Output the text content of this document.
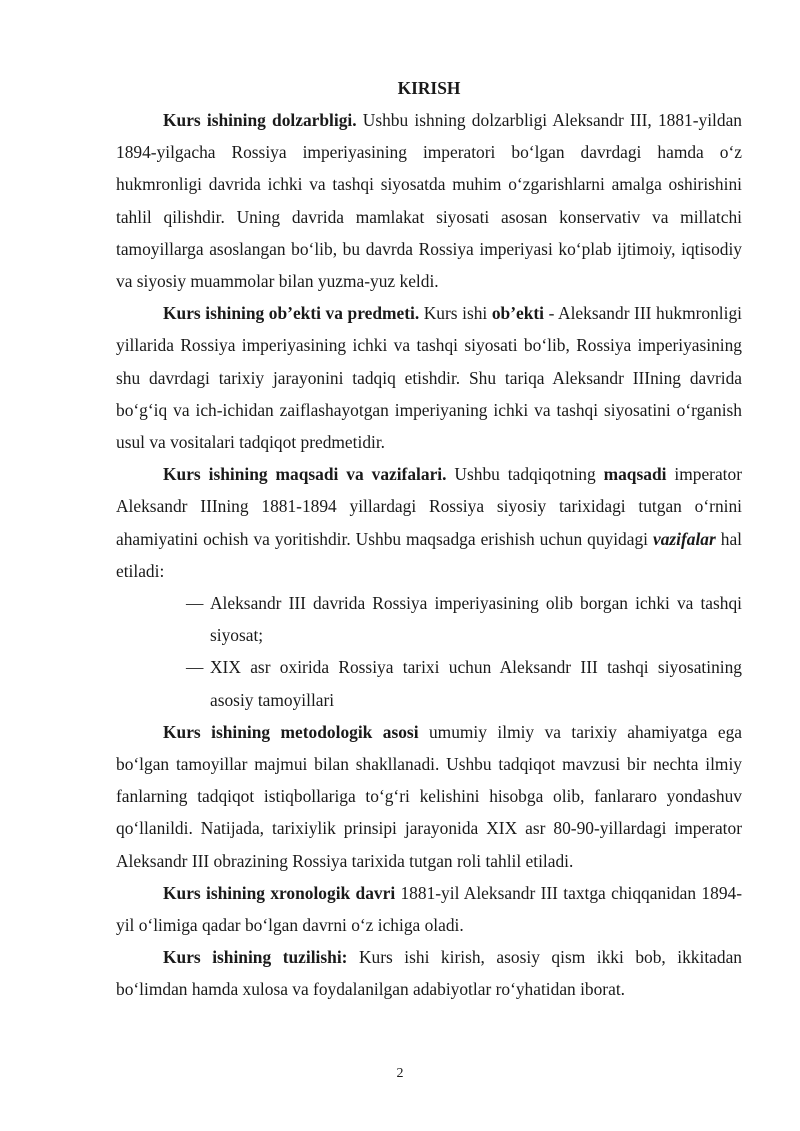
KIRISH

Kurs ishining dolzarbligi. Ushbu ishning dolzarbligi Aleksandr III, 1881-yildan 1894-yilgacha Rossiya imperiyasining imperatori bo‘lgan davrdagi hamda o‘z hukmronligi davrida ichki va tashqi siyosatda muhim o‘zgarishlarni amalga oshirishini tahlil qilishdir. Uning davrida mamlakat siyosati asosan konservativ va millatchi tamoyillarga asoslangan bo‘lib, bu davrda Rossiya imperiyasi ko‘plab ijtimoiy, iqtisodiy va siyosiy muammolar bilan yuzma-yuz keldi.

Kurs ishining ob’ekti va predmeti. Kurs ishi ob’ekti - Aleksandr III hukmronligi yillarida Rossiya imperiyasining ichki va tashqi siyosati bo‘lib, Rossiya imperiyasining shu davrdagi tarixiy jarayonini tadqiq etishdir. Shu tariqa Aleksandr IIIning davrida bo‘g‘iq va ich-ichidan zaiflashayotgan imperiyaning ichki va tashqi siyosatini o‘rganish usul va vositalari tadqiqot predmetidir.

Kurs ishining maqsadi va vazifalari. Ushbu tadqiqotning maqsadi imperator Aleksandr IIIning 1881-1894 yillardagi Rossiya siyosiy tarixidagi tutgan o‘rnini ahamiyatini ochish va yoritishdir. Ushbu maqsadga erishish uchun quyidagi vazifalar hal etiladi:

— Aleksandr III davrida Rossiya imperiyasining olib borgan ichki va tashqi siyosat;
— XIX asr oxirida Rossiya tarixi uchun Aleksandr III tashqi siyosatining asosiy tamoyillari

Kurs ishining metodologik asosi umumiy ilmiy va tarixiy ahamiyatga ega bo‘lgan tamoyillar majmui bilan shakllanadi. Ushbu tadqiqot mavzusi bir nechta ilmiy fanlarning tadqiqot istiqbollariga to‘g‘ri kelishini hisobga olib, fanlararo yondashuv qo‘llanildi. Natijada, tarixiylik prinsipi jarayonida XIX asr 80-90-yillardagi imperator Aleksandr III obrazining Rossiya tarixida tutgan roli tahlil etiladi.

Kurs ishining xronologik davri 1881-yil Aleksandr III taxtga chiqqanidan 1894-yil o‘limiga qadar bo‘lgan davrni o‘z ichiga oladi.

Kurs ishining tuzilishi: Kurs ishi kirish, asosiy qism ikki bob, ikkitadan bo‘limdan hamda xulosa va foydalanilgan adabiyotlar ro‘yhatidan iborat.

2
